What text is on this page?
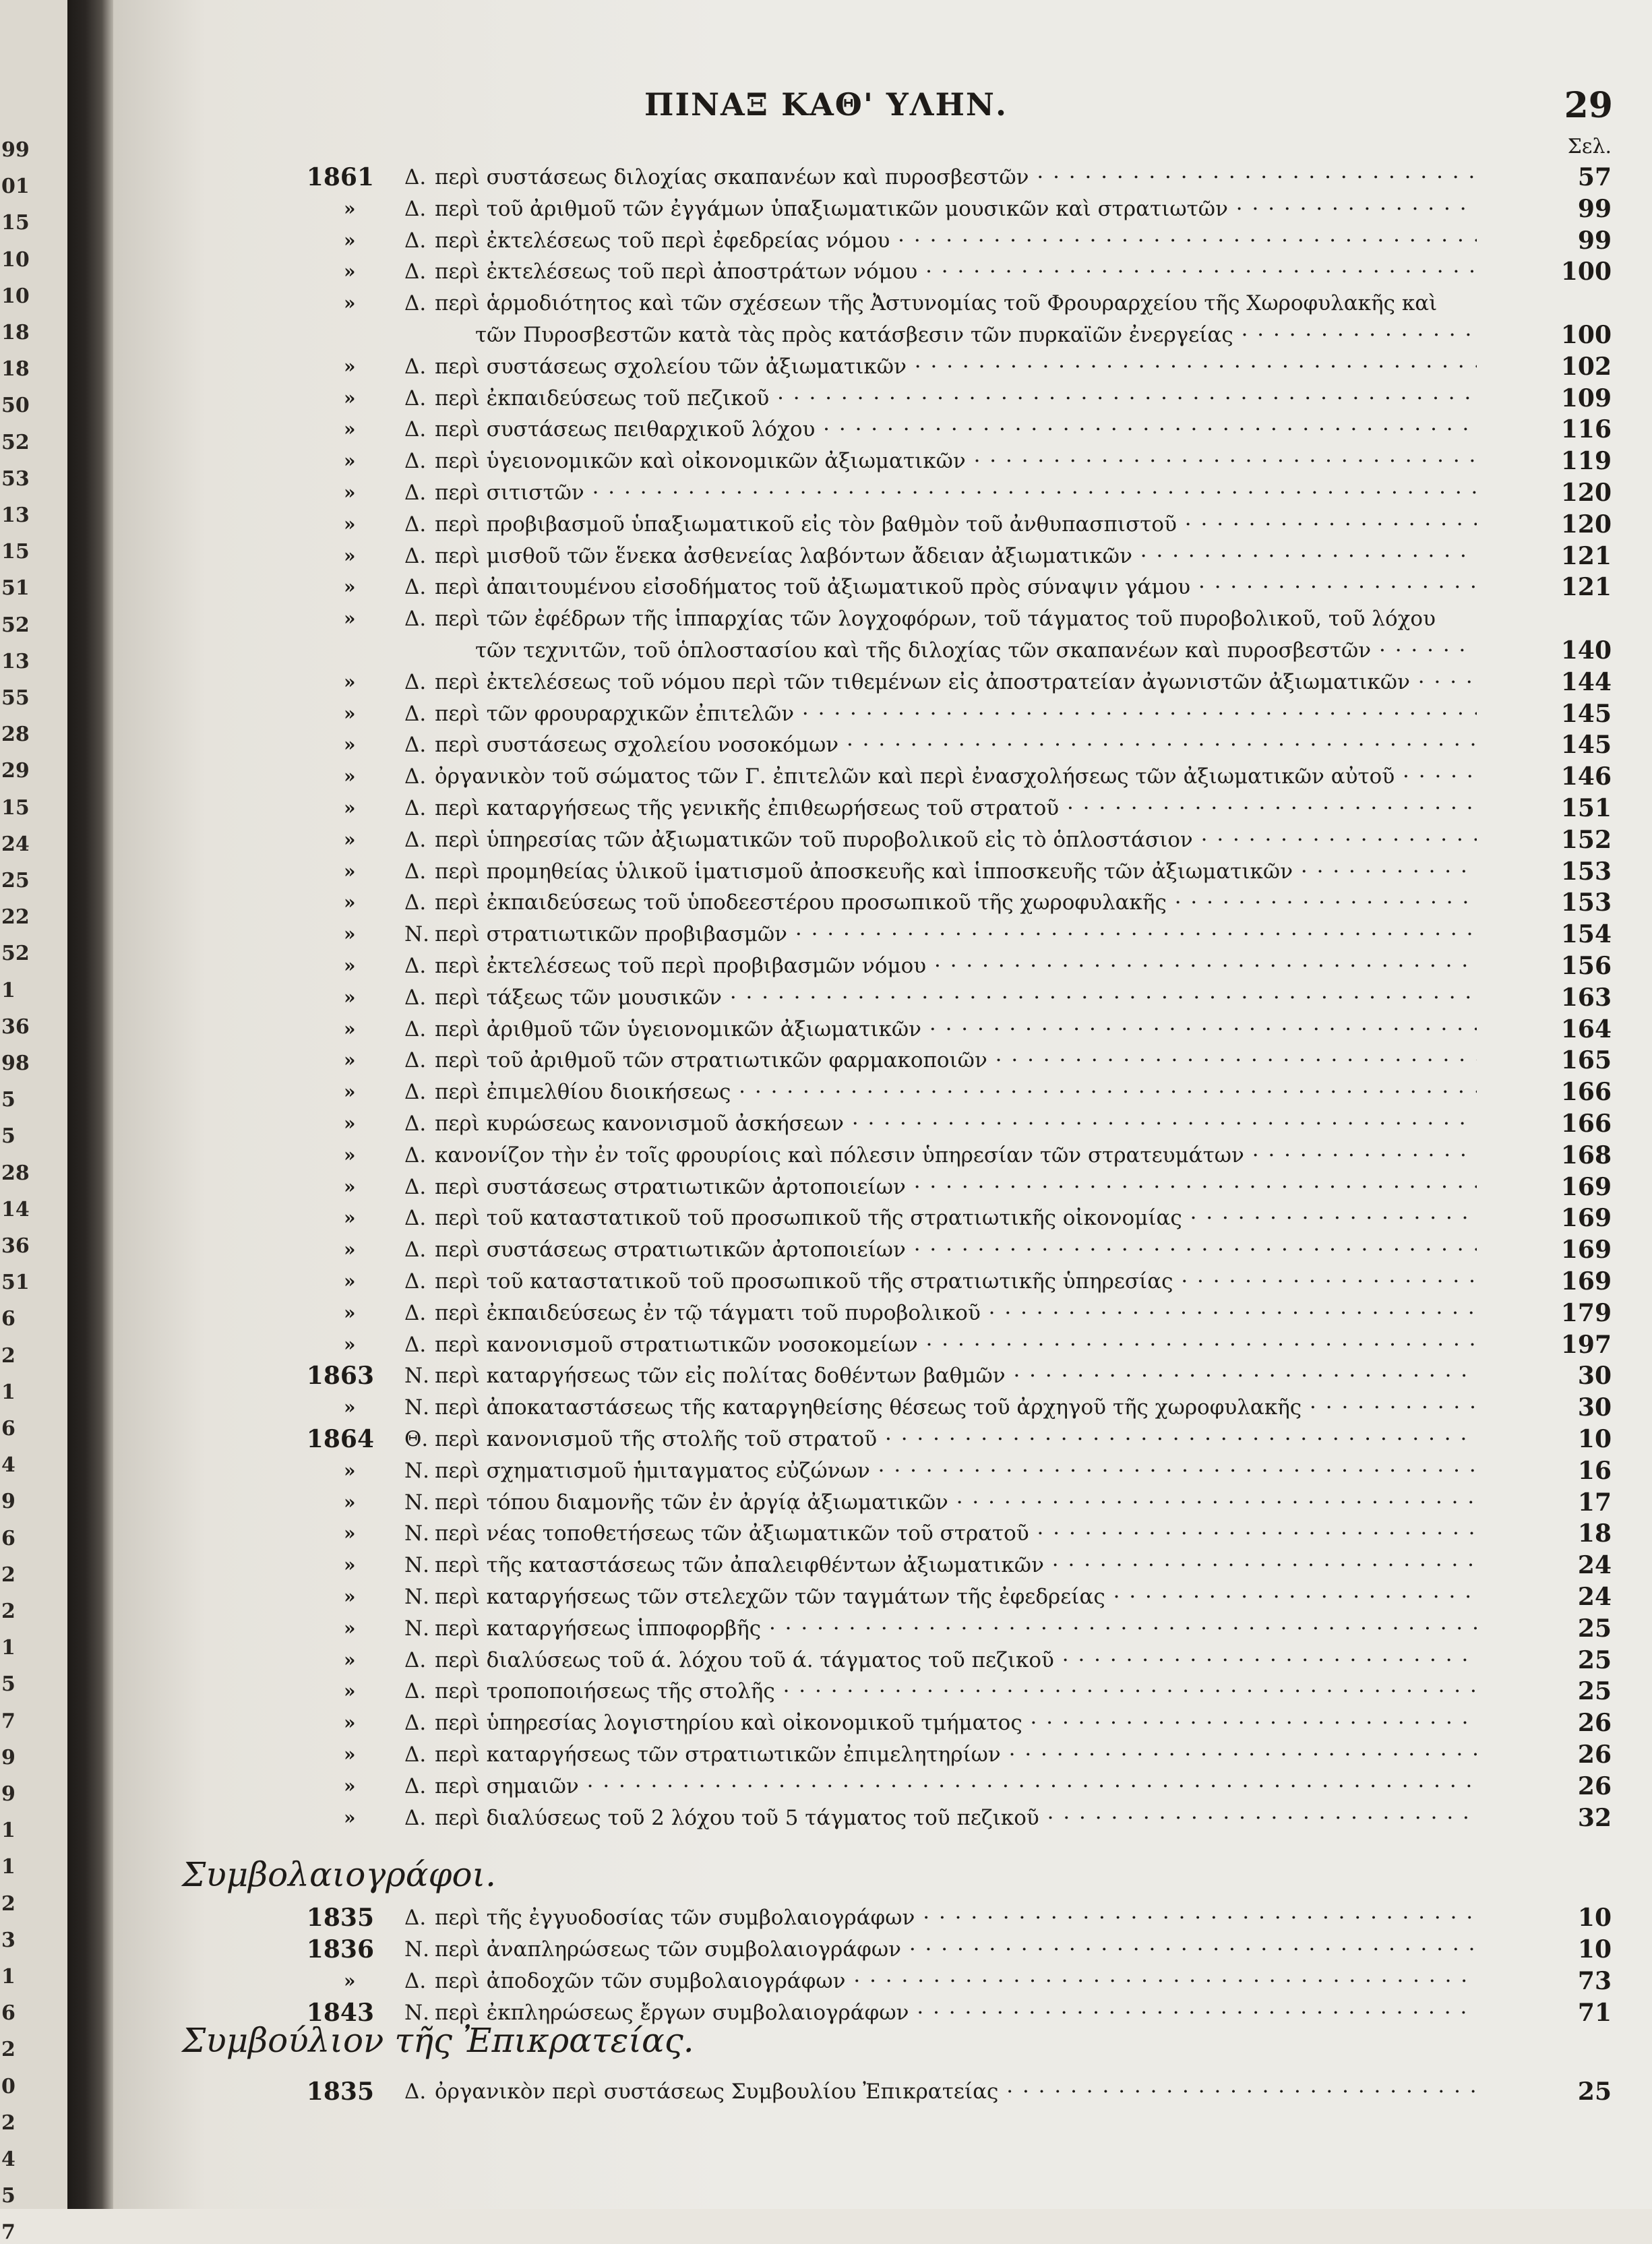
99
01
15
10
10
18
18
50
52
53
13
15
51
52
13
55
28
29
15
24
25
22
52
1
36
98
5
5
28
14
36
51
6
2
1
6
4
9
6
2
2
1
5
7
9
9
1
1
2
3
1
6
2
0
2
4
5
7
ΠΙΝΑΞ ΚΑΘ' ΥΛΗΝ.	29
Σελ.
1861 Δ. περὶ συστάσεως διλοχίας σκαπανέων καὶ πυροσβεστῶν · · ·	57
» Δ. περὶ τοῦ ἀριθμοῦ τῶν ἐγγάμων ὑπαξιωματικῶν μουσικῶν καὶ στρατιωτῶν · · ·	99
» Δ. περὶ ἐκτελέσεως τοῦ περὶ ἐφεδρείας νόμου · · ·	99
» Δ. περὶ ἐκτελέσεως τοῦ περὶ ἀποστράτων νόμου · · ·	100
» Δ. περὶ ἁρμοδιότητος καὶ τῶν σχέσεων τῆς Ἀστυνομίας τοῦ Φρουραρχείου τῆς Χωροφυλακῆς καὶ
τῶν Πυροσβεστῶν κατὰ τὰς πρὸς κατάσβεσιν τῶν πυρκαϊῶν ἐνεργείας · · ·	100
» Δ. περὶ συστάσεως σχολείου τῶν ἀξιωματικῶν · · ·	102
» Δ. περὶ ἐκπαιδεύσεως τοῦ πεζικοῦ · · ·	109
» Δ. περὶ συστάσεως πειθαρχικοῦ λόχου · · ·	116
» Δ. περὶ ὑγειονομικῶν καὶ οἰκονομικῶν ἀξιωματικῶν · · ·	119
» Δ. περὶ σιτιστῶν · · ·	120
» Δ. περὶ προβιβασμοῦ ὑπαξιωματικοῦ εἰς τὸν βαθμὸν τοῦ ἀνθυπασπιστοῦ · · ·	120
» Δ. περὶ μισθοῦ τῶν ἕνεκα ἀσθενείας λαβόντων ἄδειαν ἀξιωματικῶν · · ·	121
» Δ. περὶ ἀπαιτουμένου εἰσοδήματος τοῦ ἀξιωματικοῦ πρὸς σύναψιν γάμου · · ·	121
» Δ. περὶ τῶν ἐφέδρων τῆς ἱππαρχίας τῶν λογχοφόρων, τοῦ τάγματος τοῦ πυροβολικοῦ, τοῦ λόχου
τῶν τεχνιτῶν, τοῦ ὁπλοστασίου καὶ τῆς διλοχίας τῶν σκαπανέων καὶ πυροσβεστῶν · · ·	140
» Δ. περὶ ἐκτελέσεως τοῦ νόμου περὶ τῶν τιθεμένων εἰς ἀποστρατείαν ἀγωνιστῶν ἀξιωματικῶν · · ·	144
» Δ. περὶ τῶν φρουραρχικῶν ἐπιτελῶν · · ·	145
» Δ. περὶ συστάσεως σχολείου νοσοκόμων · · ·	145
» Δ. ὀργανικὸν τοῦ σώματος τῶν Γ. ἐπιτελῶν καὶ περὶ ἐνασχολήσεως τῶν ἀξιωματικῶν αὐτοῦ · · ·	146
» Δ. περὶ καταργήσεως τῆς γενικῆς ἐπιθεωρήσεως τοῦ στρατοῦ · · ·	151
» Δ. περὶ ὑπηρεσίας τῶν ἀξιωματικῶν τοῦ πυροβολικοῦ εἰς τὸ ὁπλοστάσιον · · ·	152
» Δ. περὶ προμηθείας ὑλικοῦ ἱματισμοῦ ἀποσκευῆς καὶ ἱπποσκευῆς τῶν ἀξιωματικῶν · · ·	153
» Δ. περὶ ἐκπαιδεύσεως τοῦ ὑποδεεστέρου προσωπικοῦ τῆς χωροφυλακῆς · · ·	153
» Ν. περὶ στρατιωτικῶν προβιβασμῶν · · ·	154
» Δ. περὶ ἐκτελέσεως τοῦ περὶ προβιβασμῶν νόμου · · ·	156
» Δ. περὶ τάξεως τῶν μουσικῶν · · ·	163
» Δ. περὶ ἀριθμοῦ τῶν ὑγειονομικῶν ἀξιωματικῶν · · ·	164
» Δ. περὶ τοῦ ἀριθμοῦ τῶν στρατιωτικῶν φαρμακοποιῶν · · ·	165
» Δ. περὶ ἐπιμελθίου διοικήσεως · · ·	166
» Δ. περὶ κυρώσεως κανονισμοῦ ἀσκήσεων · · ·	166
» Δ. κανονίζον τὴν ἐν τοῖς φρουρίοις καὶ πόλεσιν ὑπηρεσίαν τῶν στρατευμάτων · · ·	168
» Δ. περὶ συστάσεως στρατιωτικῶν ἀρτοποιείων · · ·	169
» Δ. περὶ τοῦ καταστατικοῦ τοῦ προσωπικοῦ τῆς στρατιωτικῆς οἰκονομίας · · ·	169
» Δ. περὶ συστάσεως στρατιωτικῶν ἀρτοποιείων · · ·	169
» Δ. περὶ τοῦ καταστατικοῦ τοῦ προσωπικοῦ τῆς στρατιωτικῆς ὑπηρεσίας · · ·	169
» Δ. περὶ ἐκπαιδεύσεως ἐν τῷ τάγματι τοῦ πυροβολικοῦ · · ·	179
» Δ. περὶ κανονισμοῦ στρατιωτικῶν νοσοκομείων · · ·	197
1863 Ν. περὶ καταργήσεως τῶν εἰς πολίτας δοθέντων βαθμῶν · · ·	30
» Ν. περὶ ἀποκαταστάσεως τῆς καταργηθείσης θέσεως τοῦ ἀρχηγοῦ τῆς χωροφυλακῆς · · ·	30
1864 Θ. περὶ κανονισμοῦ τῆς στολῆς τοῦ στρατοῦ · · ·	10
» Ν. περὶ σχηματισμοῦ ἡμιταγματος εὐζώνων · · ·	16
» Ν. περὶ τόπου διαμονῆς τῶν ἐν ἀργίᾳ ἀξιωματικῶν · · ·	17
» Ν. περὶ νέας τοποθετήσεως τῶν ἀξιωματικῶν τοῦ στρατοῦ · · ·	18
» Ν. περὶ τῆς καταστάσεως τῶν ἀπαλειφθέντων ἀξιωματικῶν · · ·	24
» Ν. περὶ καταργήσεως τῶν στελεχῶν τῶν ταγμάτων τῆς ἐφεδρείας · · ·	24
» Ν. περὶ καταργήσεως ἱπποφορβῆς · · ·	25
» Δ. περὶ διαλύσεως τοῦ ά. λόχου τοῦ ά. τάγματος τοῦ πεζικοῦ · · ·	25
» Δ. περὶ τροποποιήσεως τῆς στολῆς · · ·	25
» Δ. περὶ ὑπηρεσίας λογιστηρίου καὶ οἰκονομικοῦ τμήματος · · ·	26
» Δ. περὶ καταργήσεως τῶν στρατιωτικῶν ἐπιμελητηρίων · · ·	26
» Δ. περὶ σημαιῶν · · ·	26
» Δ. περὶ διαλύσεως τοῦ 2 λόχου τοῦ 5 τάγματος τοῦ πεζικοῦ · · ·	32
Συμβολαιογράφοι.
1835 Δ. περὶ τῆς ἐγγυοδοσίας τῶν συμβολαιογράφων · · ·	10
1836 Ν. περὶ ἀναπληρώσεως τῶν συμβολαιογράφων · · ·	10
» Δ. περὶ ἀποδοχῶν τῶν συμβολαιογράφων · · ·	73
1843 Ν. περὶ ἐκπληρώσεως ἔργων συμβολαιογράφων · · ·	71
Συμβούλιον τῆς Ἐπικρατείας.
1835 Δ. ὀργανικὸν περὶ συστάσεως Συμβουλίου Ἐπικρατείας · · ·	25
